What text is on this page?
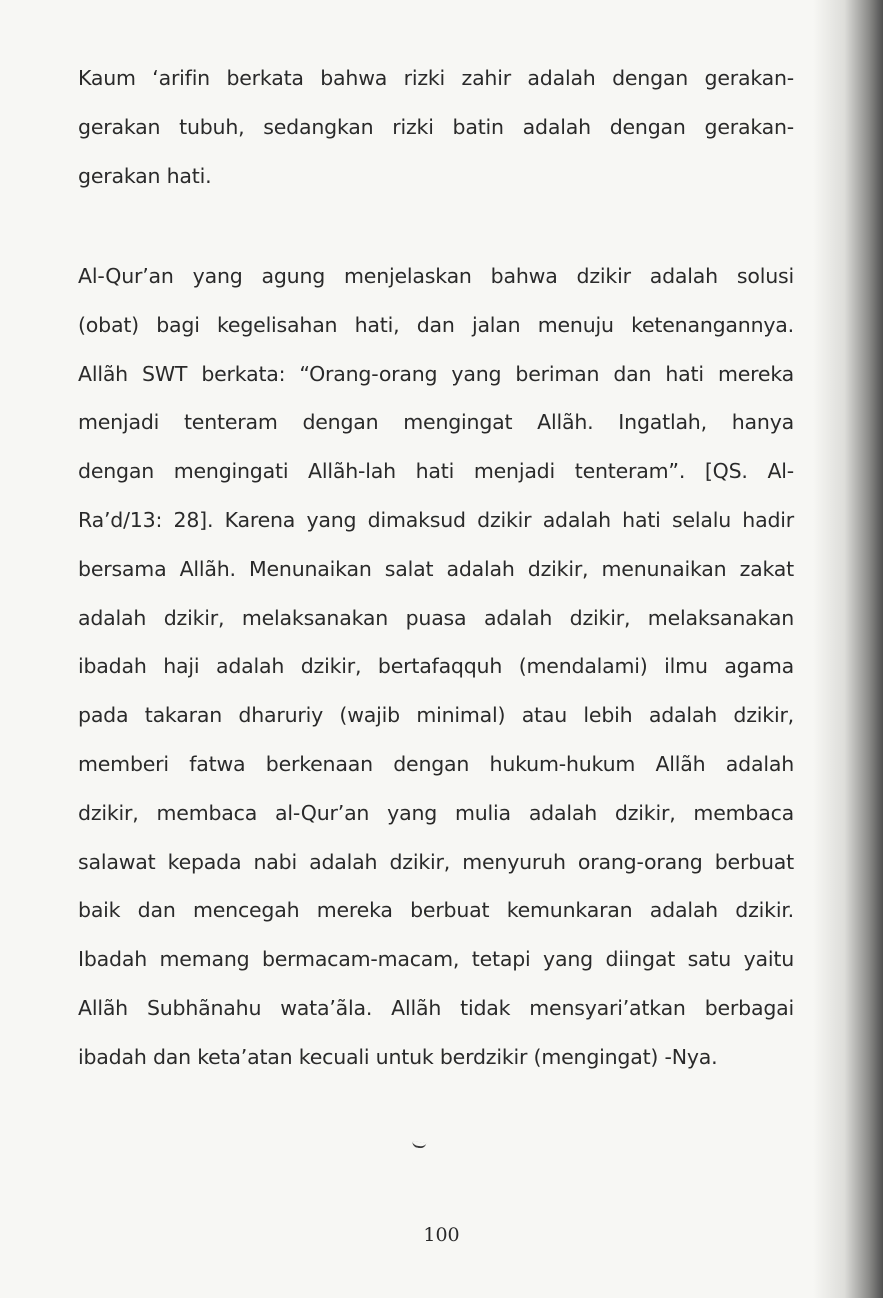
Kaum ‘arifin berkata bahwa rizki zahir adalah dengan gerakan-
gerakan tubuh, sedangkan rizki batin adalah dengan gerakan-
gerakan hati.
Al-Qur’an yang agung menjelaskan bahwa dzikir adalah solusi
(obat) bagi kegelisahan hati, dan jalan menuju ketenangannya.
Allãh SWT berkata: “Orang-orang yang beriman dan hati mereka
menjadi tenteram dengan mengingat Allãh. Ingatlah, hanya
dengan mengingati Allãh-lah hati menjadi tenteram”. [QS. Al-
Ra’d/13: 28]. Karena yang dimaksud dzikir adalah hati selalu hadir
bersama Allãh. Menunaikan salat adalah dzikir, menunaikan zakat
adalah dzikir, melaksanakan puasa adalah dzikir, melaksanakan
ibadah haji adalah dzikir, bertafaqquh (mendalami) ilmu agama
pada takaran dharuriy (wajib minimal) atau lebih adalah dzikir,
memberi fatwa berkenaan dengan hukum-hukum Allãh adalah
dzikir, membaca al-Qur’an yang mulia adalah dzikir, membaca
salawat kepada nabi adalah dzikir, menyuruh orang-orang berbuat
baik dan mencegah mereka berbuat kemunkaran adalah dzikir.
Ibadah memang bermacam-macam, tetapi yang diingat satu yaitu
Allãh Subhãnahu wata’ãla. Allãh tidak mensyari’atkan berbagai
ibadah dan keta’atan kecuali untuk berdzikir (mengingat) -Nya.
100
